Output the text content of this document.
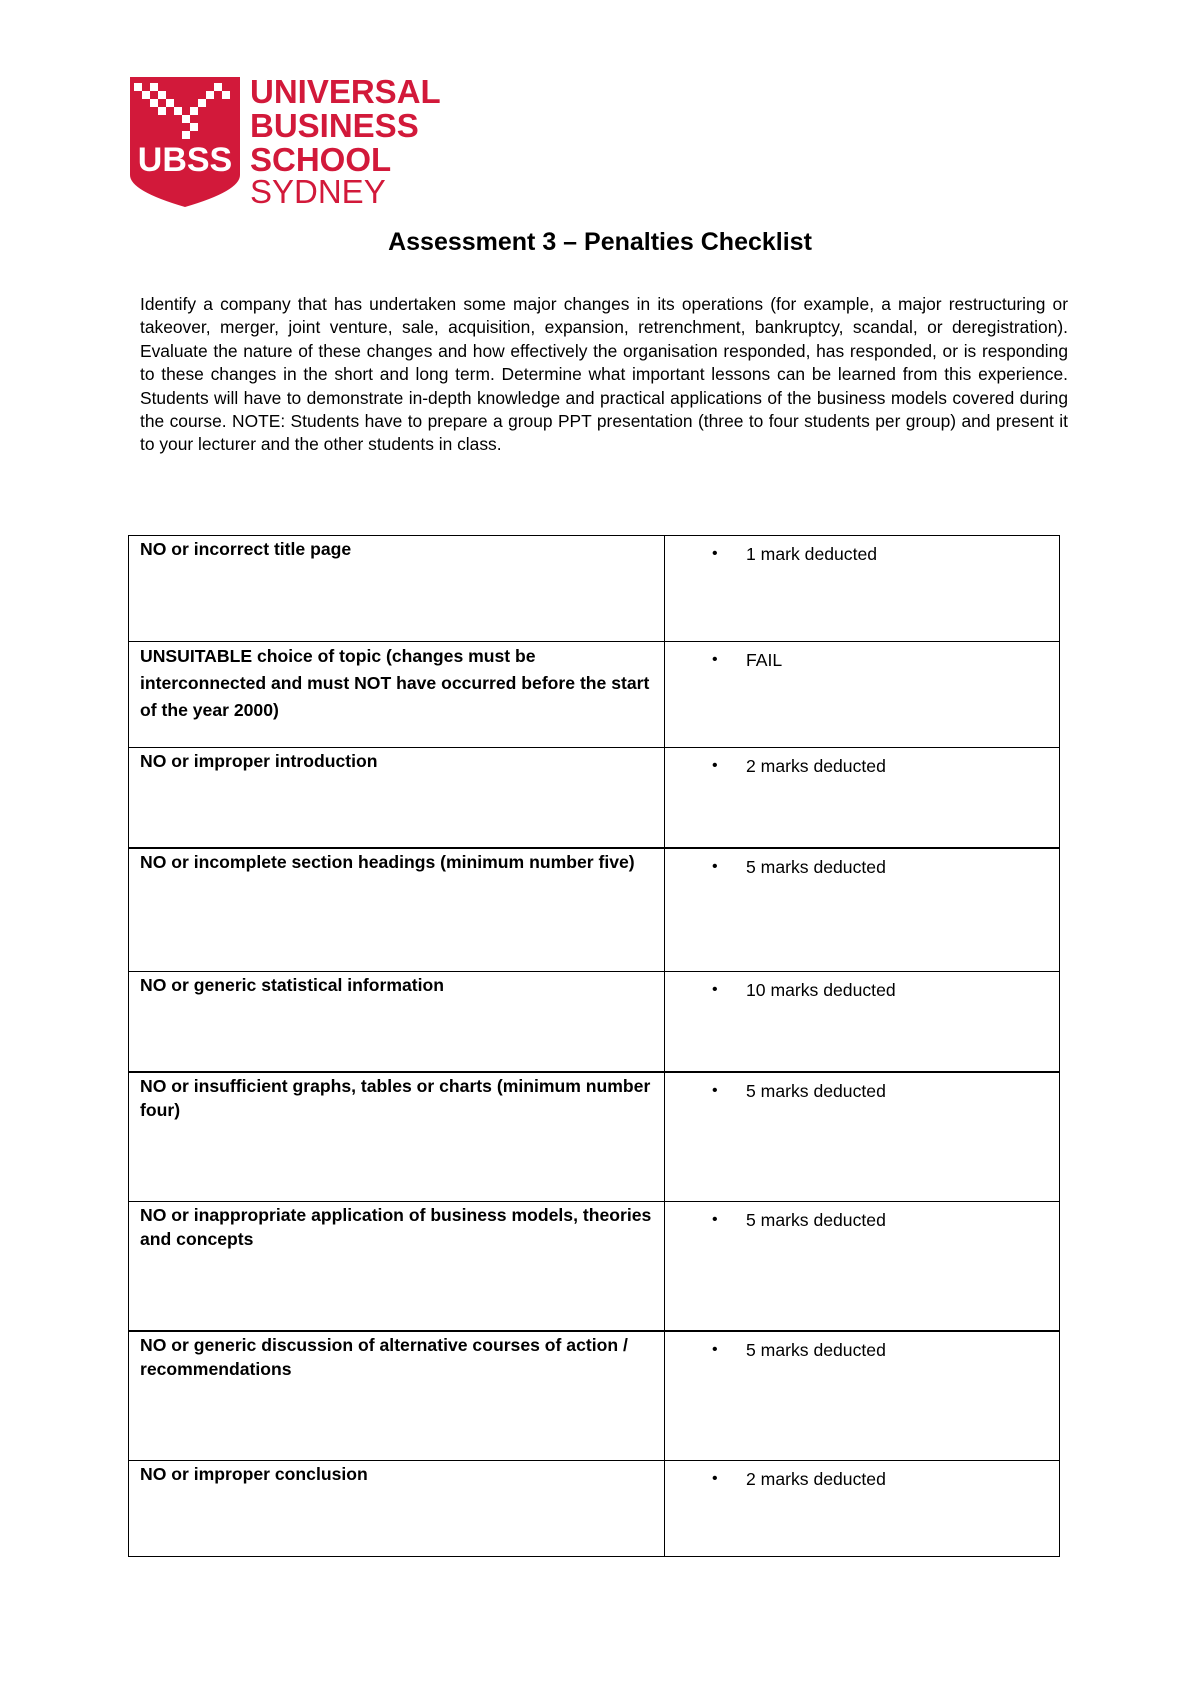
UBSS
UNIVERSAL
BUSINESS
SCHOOL
SYDNEY
Assessment 3 – Penalties Checklist

Identify a company that has undertaken some major changes in its operations (for example, a major restructuring or takeover, merger, joint venture, sale, acquisition, expansion, retrenchment, bankruptcy, scandal, or deregistration). Evaluate the nature of these changes and how effectively the organisation responded, has responded, or is responding to these changes in the short and long term. Determine what important lessons can be learned from this experience. Students will have to demonstrate in-depth knowledge and practical applications of the business models covered during the course. NOTE: Students have to prepare a group PPT presentation (three to four students per group) and present it to your lecturer and the other students in class.

NO or incorrect title page	• 1 mark deducted

UNSUITABLE choice of topic (changes must be interconnected and must NOT have occurred before the start of the year 2000)	• FAIL

NO or improper introduction	• 2 marks deducted

NO or incomplete section headings (minimum number five)	• 5 marks deducted

NO or generic statistical information	• 10 marks deducted

NO or insufficient graphs, tables or charts (minimum number four)	• 5 marks deducted

NO or inappropriate application of business models, theories and concepts	• 5 marks deducted

NO or generic discussion of alternative courses of action / recommendations	• 5 marks deducted

NO or improper conclusion	• 2 marks deducted
